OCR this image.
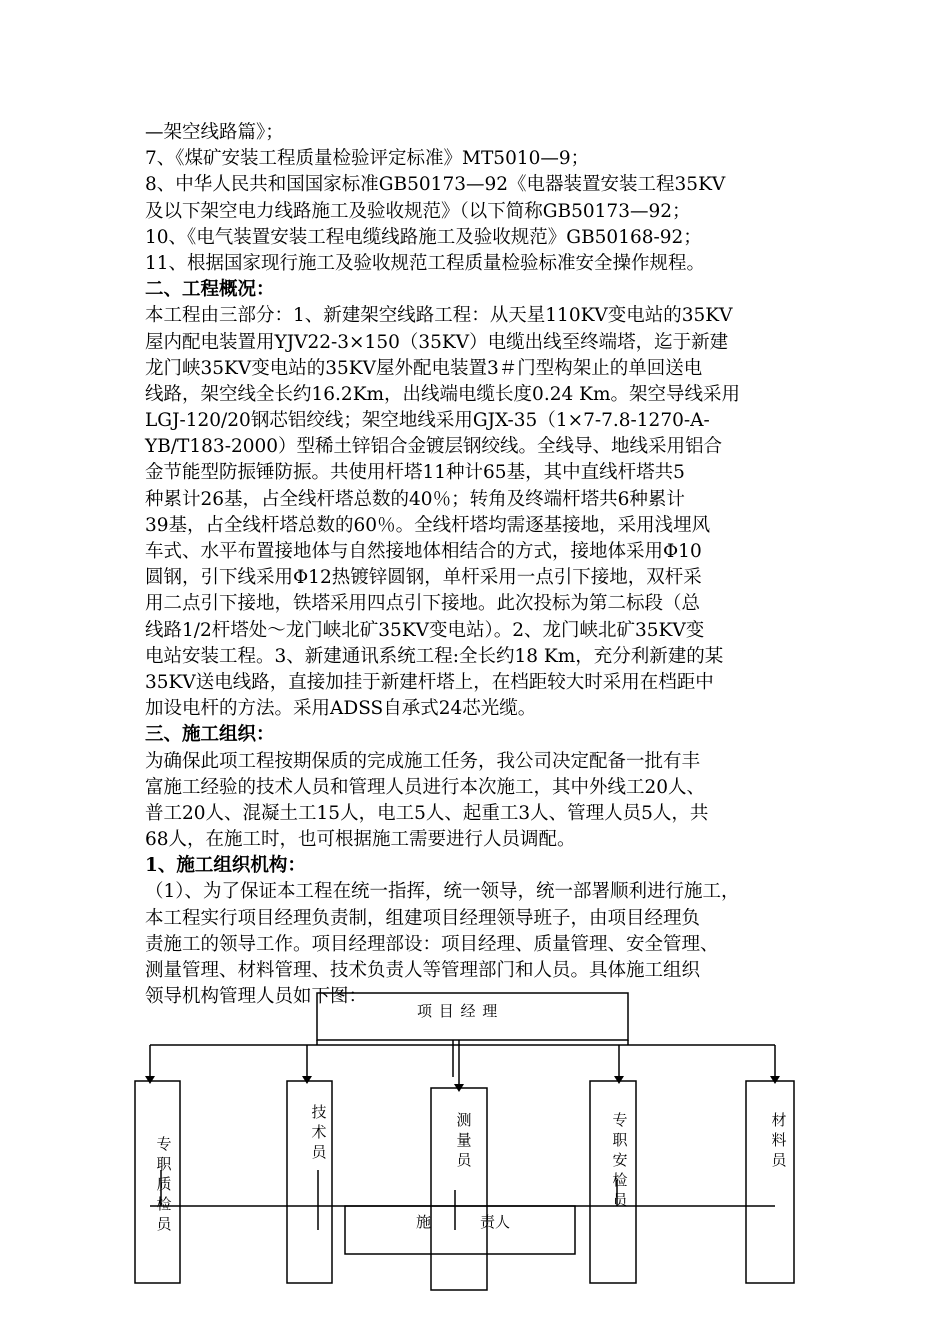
—架空线路篇》；
7、《煤矿安装工程质量检验评定标准》MT5010—9；
8、中华人民共和国国家标准GB50173—92《电器装置安装工程35KV
及以下架空电力线路施工及验收规范》（以下简称GB50173—92；
10、《电气装置安装工程电缆线路施工及验收规范》GB50168-92；
11、根据国家现行施工及验收规范工程质量检验标准安全操作规程。
二、工程概况：
本工程由三部分：1、新建架空线路工程：从天星110KV变电站的35KV
屋内配电装置用YJV22-3×150（35KV）电缆出线至终端塔，迄于新建
龙门峡35KV变电站的35KV屋外配电装置3＃门型构架止的单回送电
线路，架空线全长约16.2Km，出线端电缆长度0.24 Km。架空导线采用
LGJ-120/20钢芯铝绞线；架空地线采用GJX-35（1×7-7.8-1270-A-
YB/T183-2000）型稀土锌铝合金镀层钢绞线。全线导、地线采用铝合
金节能型防振锤防振。共使用杆塔11种计65基，其中直线杆塔共5
种累计26基，占全线杆塔总数的40％；转角及终端杆塔共6种累计
39基，占全线杆塔总数的60％。全线杆塔均需逐基接地，采用浅埋风
车式、水平布置接地体与自然接地体相结合的方式，接地体采用Φ10
圆钢，引下线采用Φ12热镀锌圆钢，单杆采用一点引下接地，双杆采
用二点引下接地，铁塔采用四点引下接地。此次投标为第二标段（总
线路1/2杆塔处～龙门峡北矿35KV变电站）。2、龙门峡北矿35KV变
电站安装工程。3、新建通讯系统工程:全长约18 Km，充分利新建的某
35KV送电线路，直接加挂于新建杆塔上，在档距较大时采用在档距中
加设电杆的方法。采用ADSS自承式24芯光缆。
三、施工组织：
为确保此项工程按期保质的完成施工任务，我公司决定配备一批有丰
富施工经验的技术人员和管理人员进行本次施工，其中外线工20人、
普工20人、混凝土工15人，电工5人、起重工3人、管理人员5人，共
68人，在施工时，也可根据施工需要进行人员调配。
1、施工组织机构：
（1）、为了保证本工程在统一指挥，统一领导，统一部署顺利进行施工，
本工程实行项目经理负责制，组建项目经理领导班子，由项目经理负
责施工的领导工作。项目经理部设：项目经理、质量管理、安全管理、
测量管理、材料管理、技术负责人等管理部门和人员。具体施工组织
领导机构管理人员如下图：
项 目 经 理
专职质检员
技术员
测量员
专职安检员
材料员
施	责人
